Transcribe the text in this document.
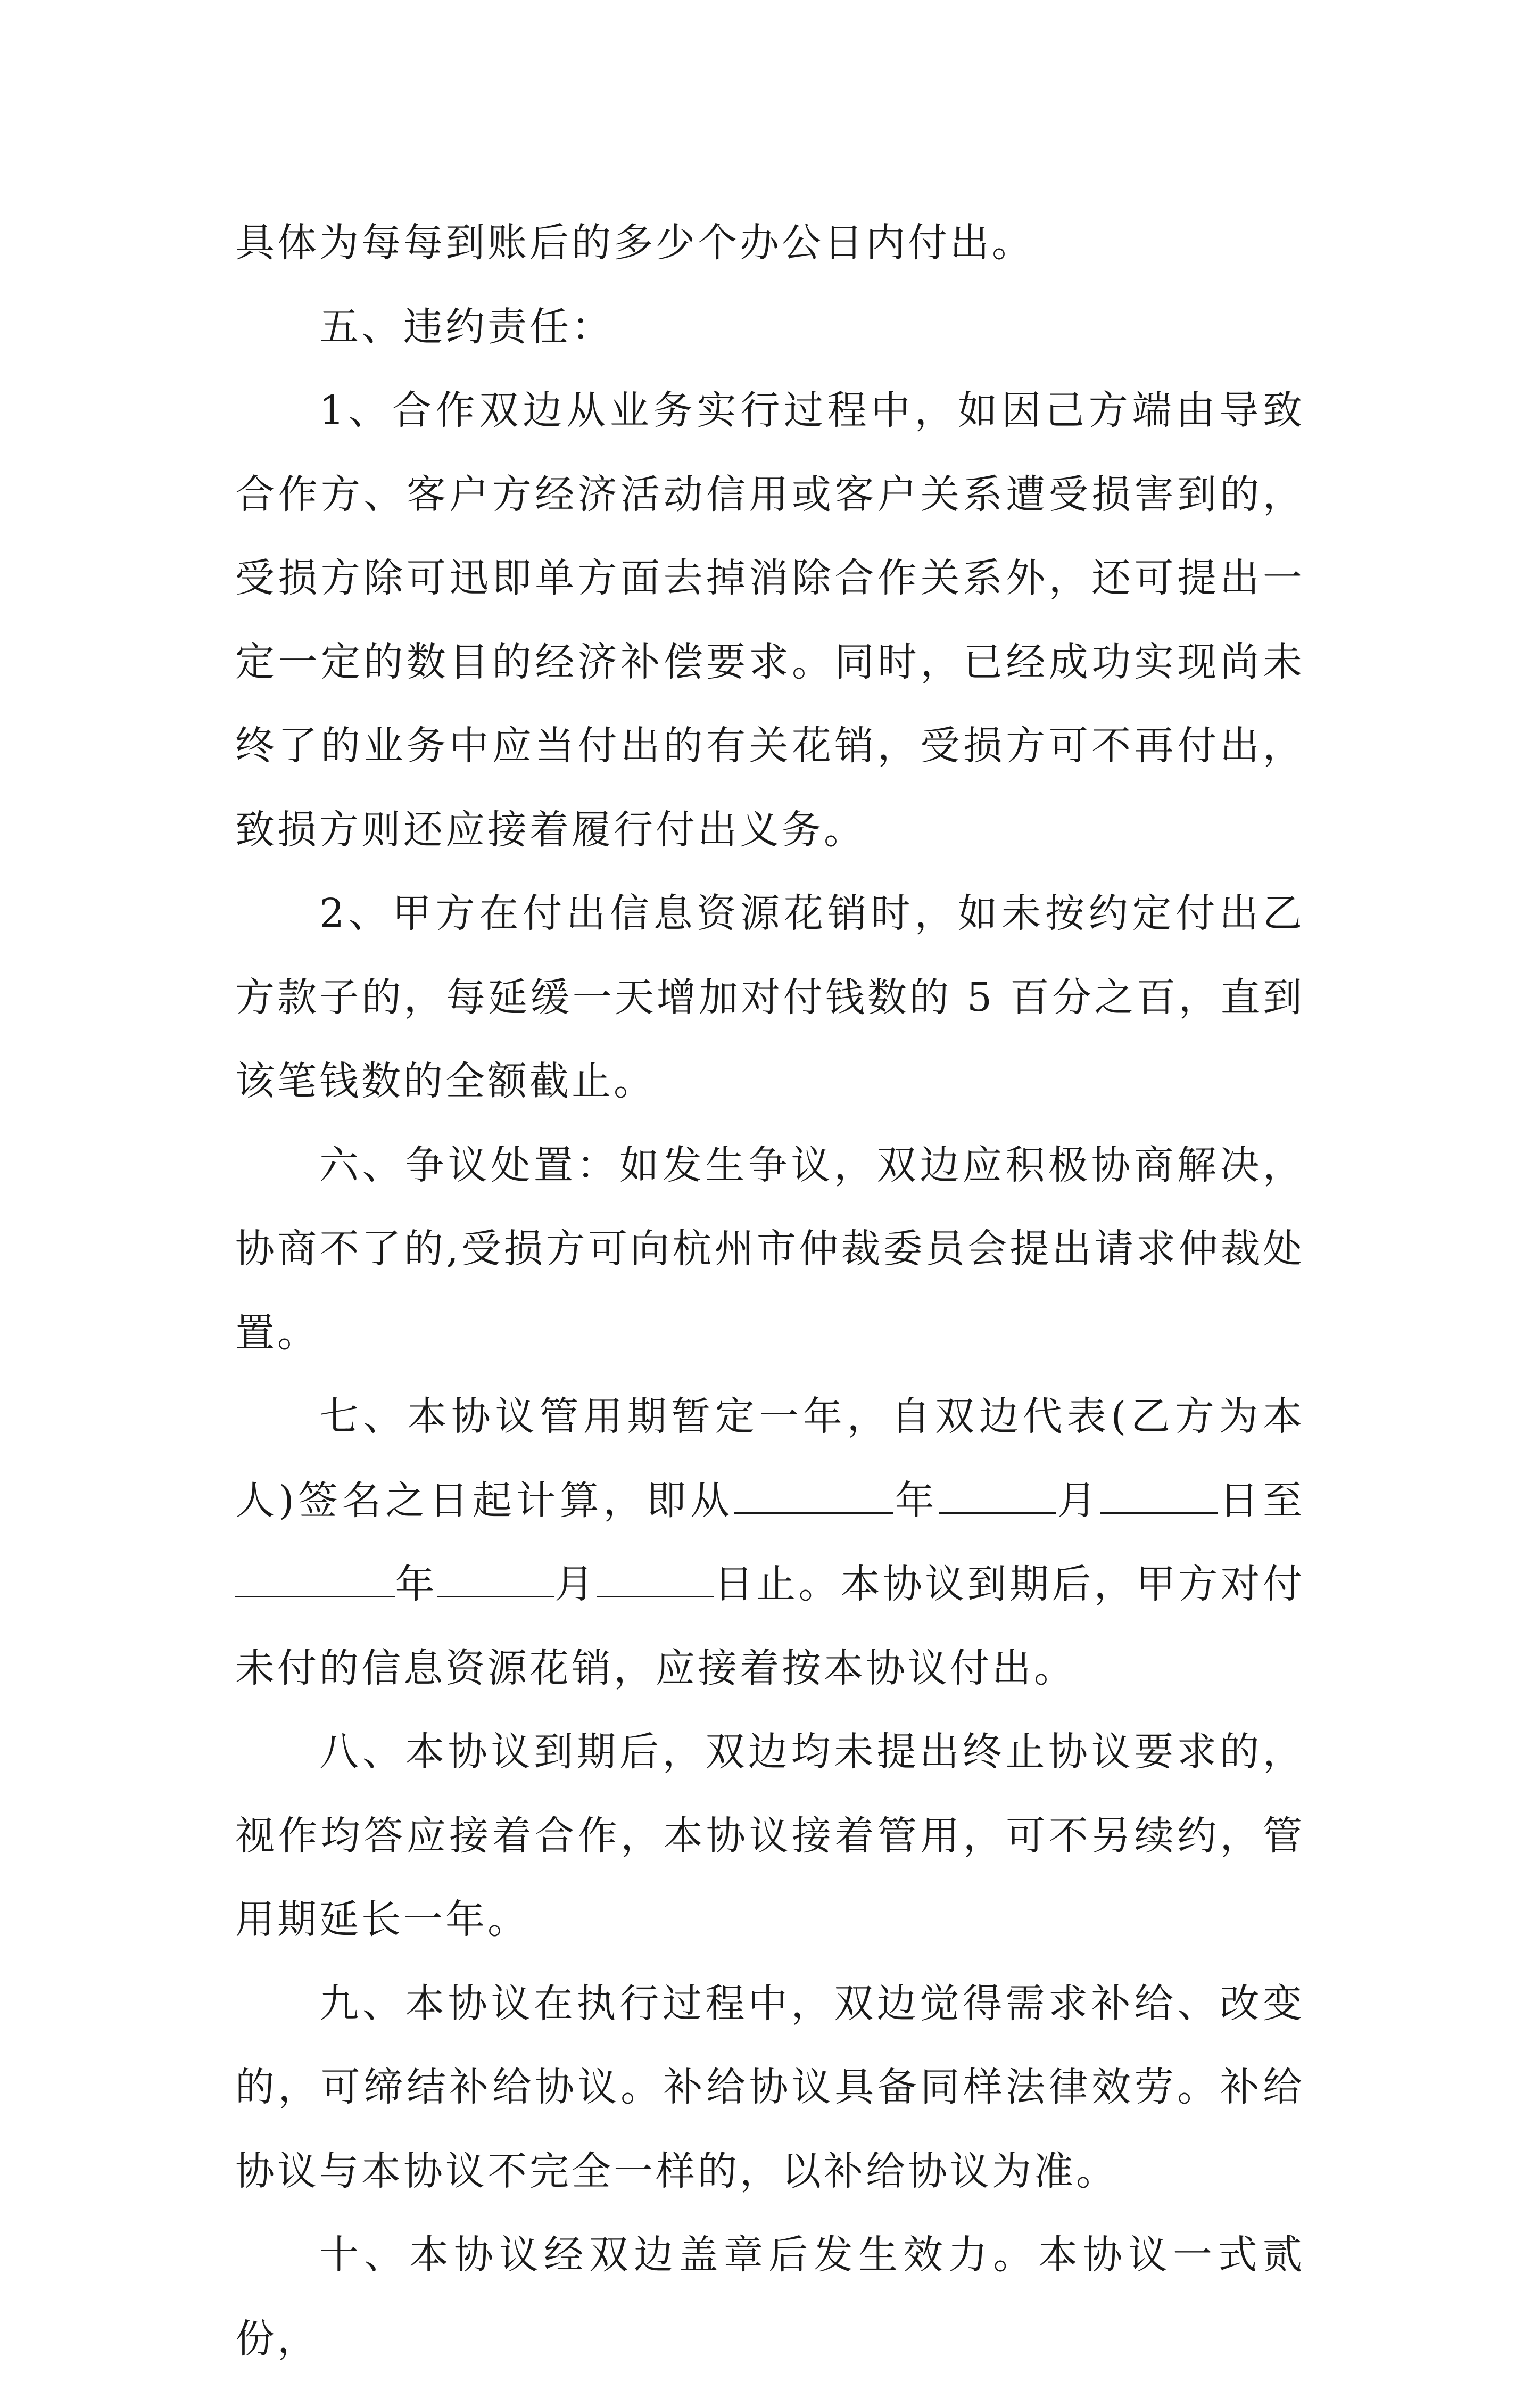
具体为每每到账后的多少个办公日内付出。

五、违约责任：

1、合作双边从业务实行过程中，如因己方端由导致合作方、客户方经济活动信用或客户关系遭受损害到的，受损方除可迅即单方面去掉消除合作关系外，还可提出一定一定的数目的经济补偿要求。同时，已经成功实现尚未终了的业务中应当付出的有关花销，受损方可不再付出，致损方则还应接着履行付出义务。

2、甲方在付出信息资源花销时，如未按约定付出乙方款子的，每延缓一天增加对付钱数的 5 百分之百，直到该笔钱数的全额截止。

六、争议处置：如发生争议，双边应积极协商解决，协商不了的,受损方可向杭州市仲裁委员会提出请求仲裁处置。

七、本协议管用期暂定一年，自双边代表(乙方为本人)签名之日起计算，即从	年	月	日至年	月	日止。本协议到期后，甲方对付未付的信息资源花销，应接着按本协议付出。

八、本协议到期后，双边均未提出终止协议要求的，视作均答应接着合作，本协议接着管用，可不另续约，管用期延长一年。

九、本协议在执行过程中，双边觉得需求补给、改变的，可缔结补给协议。补给协议具备同样法律效劳。补给协议与本协议不完全一样的，以补给协议为准。

十、本协议经双边盖章后发生效力。本协议一式贰份，
